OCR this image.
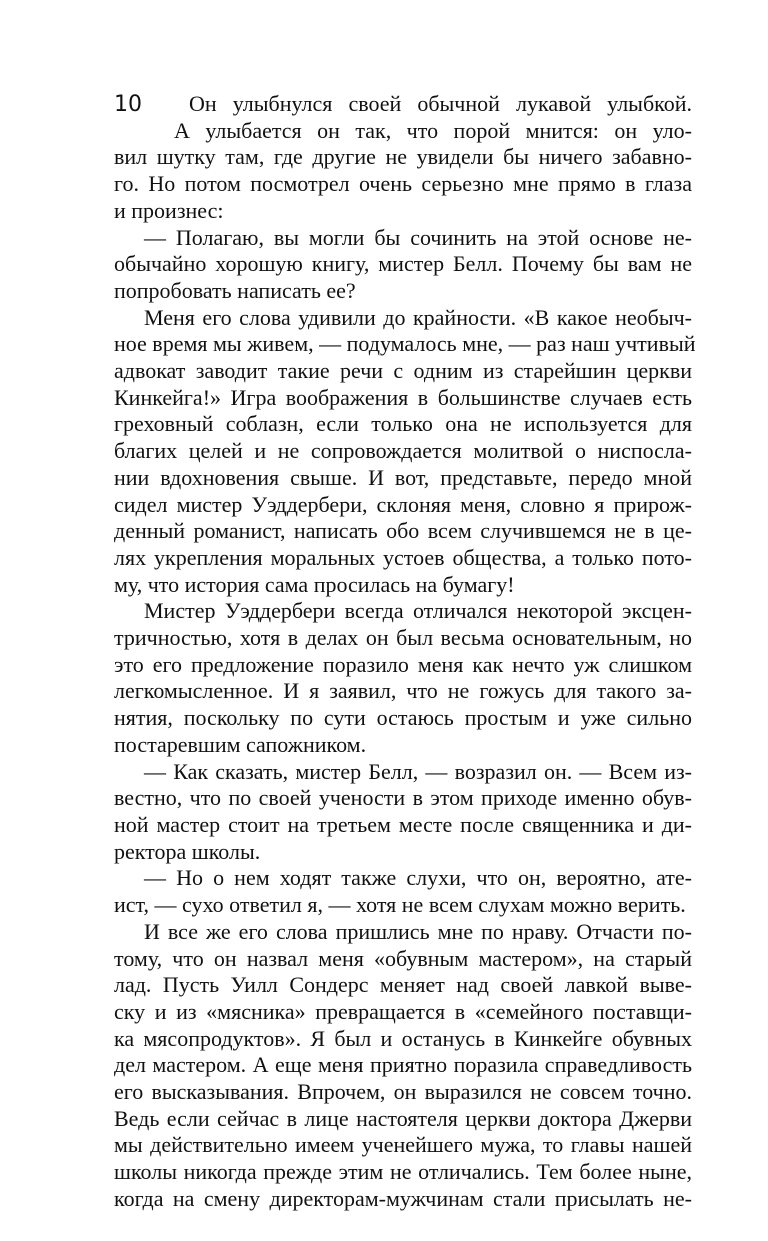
10	Он улыбнулся своей обычной лукавой улыбкой.
А улыбается он так, что порой мнится: он уло-
вил шутку там, где другие не увидели бы ничего забавно-
го. Но потом посмотрел очень серьезно мне прямо в глаза
и произнес:
— Полагаю, вы могли бы сочинить на этой основе не-
обычайно хорошую книгу, мистер Белл. Почему бы вам не
попробовать написать ее?
Меня его слова удивили до крайности. «В какое необыч-
ное время мы живем, — подумалось мне, — раз наш учтивый
адвокат заводит такие речи с одним из старейшин церкви
Кинкейга!» Игра воображения в большинстве случаев есть
греховный соблазн, если только она не используется для
благих целей и не сопровождается молитвой о ниспосла-
нии вдохновения свыше. И вот, представьте, передо мной
сидел мистер Уэддербери, склоняя меня, словно я прирож-
денный романист, написать обо всем случившемся не в це-
лях укрепления моральных устоев общества, а только пото-
му, что история сама просилась на бумагу!
Мистер Уэддербери всегда отличался некоторой эксцен-
тричностью, хотя в делах он был весьма основательным, но
это его предложение поразило меня как нечто уж слишком
легкомысленное. И я заявил, что не гожусь для такого за-
нятия, поскольку по сути остаюсь простым и уже сильно
постаревшим сапожником.
— Как сказать, мистер Белл, — возразил он. — Всем из-
вестно, что по своей учености в этом приходе именно обув-
ной мастер стоит на третьем месте после священника и ди-
ректора школы.
— Но о нем ходят также слухи, что он, вероятно, ате-
ист, — сухо ответил я, — хотя не всем слухам можно верить.
И все же его слова пришлись мне по нраву. Отчасти по-
тому, что он назвал меня «обувным мастером», на старый
лад. Пусть Уилл Сондерс меняет над своей лавкой выве-
ску и из «мясника» превращается в «семейного поставщи-
ка мясопродуктов». Я был и останусь в Кинкейге обувных
дел мастером. А еще меня приятно поразила справедливость
его высказывания. Впрочем, он выразился не совсем точно.
Ведь если сейчас в лице настоятеля церкви доктора Джерви
мы действительно имеем ученейшего мужа, то главы нашей
школы никогда прежде этим не отличались. Тем более ныне,
когда на смену директорам-мужчинам стали присылать не-
